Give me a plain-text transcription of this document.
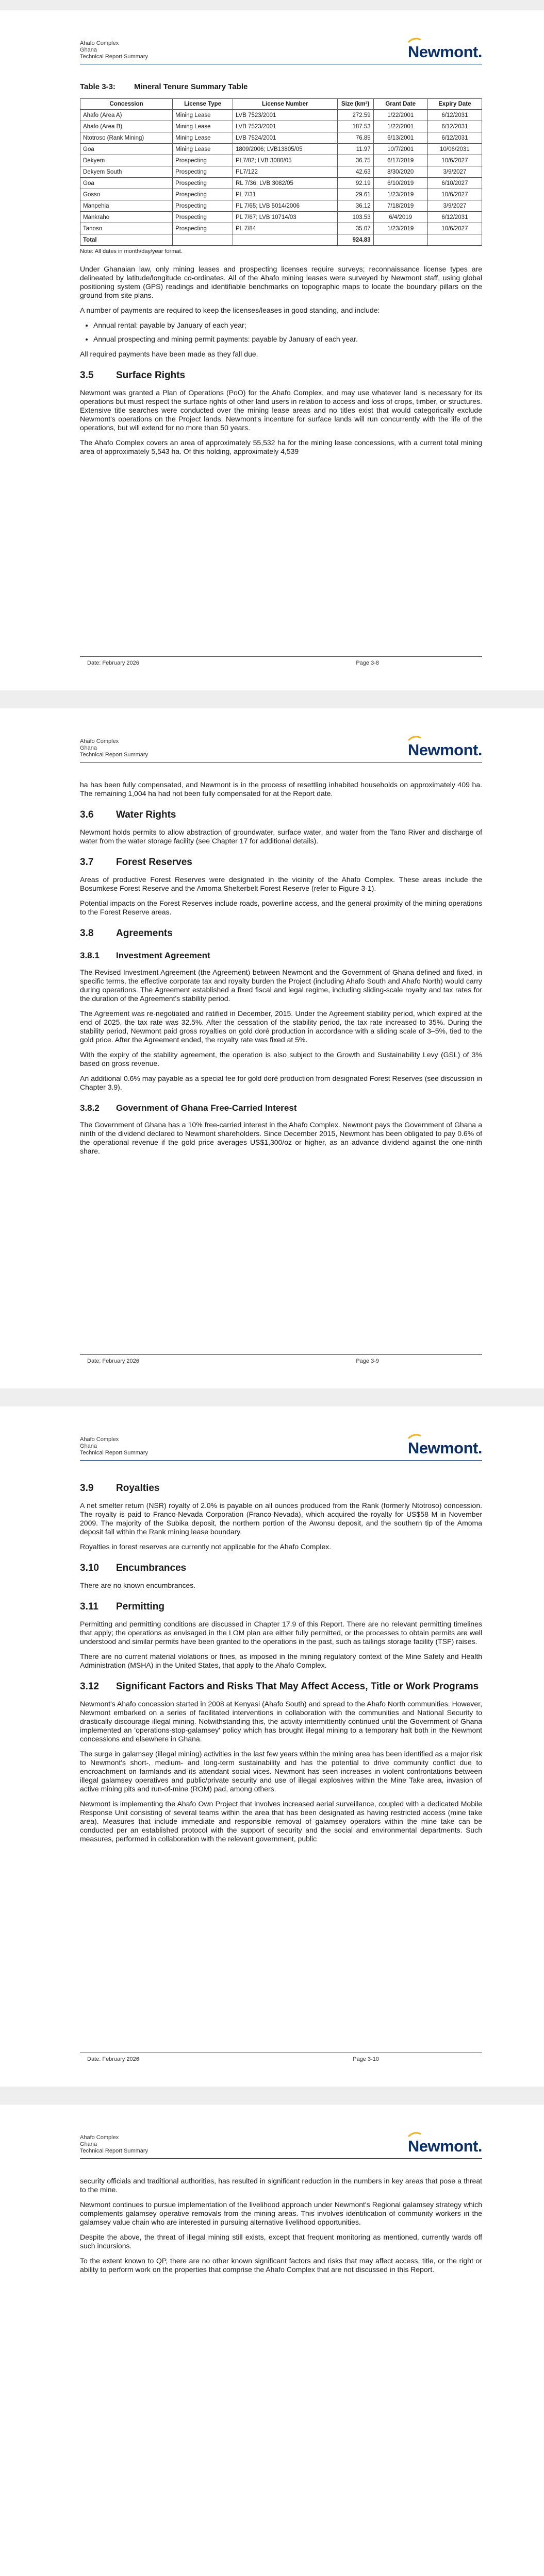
Ahafo Complex
Ghana
Technical Report Summary	Newmont.
Table 3-3:	Mineral Tenure Summary Table
Concession	License Type	License Number	Size (km²)	Grant Date	Expiry Date
Ahafo (Area A)	Mining Lease	LVB 7523/2001	272.59	1/22/2001	6/12/2031
Ahafo (Area B)	Mining Lease	LVB 7523/2001	187.53	1/22/2001	6/12/2031
Ntotroso (Rank Mining)	Mining Lease	LVB 7524/2001	76.85	6/13/2001	6/12/2031
Goa	Mining Lease	1809/2006; LVB13805/05	11.97	10/7/2001	10/06/2031
Dekyem	Prospecting	PL7/82; LVB 3080/05	36.75	6/17/2019	10/6/2027
Dekyem South	Prospecting	PL7/122	42.63	8/30/2020	3/9/2027
Goa	Prospecting	RL 7/36; LVB 3082/05	92.19	6/10/2019	6/10/2027
Gosso	Prospecting	PL 7/31	29.61	1/23/2019	10/6/2027
Manpehia	Prospecting	PL 7/65; LVB 5014/2006	36.12	7/18/2019	3/9/2027
Mankraho	Prospecting	PL 7/67; LVB 10714/03	103.53	6/4/2019	6/12/2031
Tanoso	Prospecting	PL 7/84	35.07	1/23/2019	10/6/2027
Total			924.83		
Note: All dates in month/day/year format.

Under Ghanaian law, only mining leases and prospecting licenses require surveys; reconnaissance license types are delineated by latitude/longitude co-ordinates. All of the Ahafo mining leases were surveyed by Newmont staff, using global positioning system (GPS) readings and identifiable benchmarks on topographic maps to locate the boundary pillars on the ground from site plans.

A number of payments are required to keep the licenses/leases in good standing, and include:

• Annual rental: payable by January of each year;
• Annual prospecting and mining permit payments: payable by January of each year.

All required payments have been made as they fall due.

3.5	Surface Rights

Newmont was granted a Plan of Operations (PoO) for the Ahafo Complex, and may use whatever land is necessary for its operations but must respect the surface rights of other land users in relation to access and loss of crops, timber, or structures. Extensive title searches were conducted over the mining lease areas and no titles exist that would categorically exclude Newmont's operations on the Project lands. Newmont's incenture for surface lands will run concurrently with the life of the operations, but will extend for no more than 50 years.

The Ahafo Complex covers an area of approximately 55,532 ha for the mining lease concessions, with a current total mining area of approximately 5,543 ha. Of this holding, approximately 4,539

Date: February 2026	Page 3-8
Ahafo Complex
Ghana
Technical Report Summary	Newmont.

ha has been fully compensated, and Newmont is in the process of resettling inhabited households on approximately 409 ha. The remaining 1,004 ha had not been fully compensated for at the Report date.

3.6	Water Rights

Newmont holds permits to allow abstraction of groundwater, surface water, and water from the Tano River and discharge of water from the water storage facility (see Chapter 17 for additional details).

3.7	Forest Reserves

Areas of productive Forest Reserves were designated in the vicinity of the Ahafo Complex. These areas include the Bosumkese Forest Reserve and the Amoma Shelterbelt Forest Reserve (refer to Figure 3-1).

Potential impacts on the Forest Reserves include roads, powerline access, and the general proximity of the mining operations to the Forest Reserve areas.

3.8	Agreements
3.8.1	Investment Agreement

The Revised Investment Agreement (the Agreement) between Newmont and the Government of Ghana defined and fixed, in specific terms, the effective corporate tax and royalty burden the Project (including Ahafo South and Ahafo North) would carry during operations. The Agreement established a fixed fiscal and legal regime, including sliding-scale royalty and tax rates for the duration of the Agreement's stability period.

The Agreement was re-negotiated and ratified in December, 2015. Under the Agreement stability period, which expired at the end of 2025, the tax rate was 32.5%. After the cessation of the stability period, the tax rate increased to 35%. During the stability period, Newmont paid gross royalties on gold doré production in accordance with a sliding scale of 3–5%, tied to the gold price. After the Agreement ended, the royalty rate was fixed at 5%.

With the expiry of the stability agreement, the operation is also subject to the Growth and Sustainability Levy (GSL) of 3% based on gross revenue.

An additional 0.6% may payable as a special fee for gold doré production from designated Forest Reserves (see discussion in Chapter 3.9).

3.8.2	Government of Ghana Free-Carried Interest

The Government of Ghana has a 10% free-carried interest in the Ahafo Complex. Newmont pays the Government of Ghana a ninth of the dividend declared to Newmont shareholders. Since December 2015, Newmont has been obligated to pay 0.6% of the operational revenue if the gold price averages US$1,300/oz or higher, as an advance dividend against the one-ninth share.

Date: February 2026	Page 3-9
Ahafo Complex
Ghana
Technical Report Summary	Newmont.
3.9	Royalties

A net smelter return (NSR) royalty of 2.0% is payable on all ounces produced from the Rank (formerly Ntotroso) concession. The royalty is paid to Franco-Nevada Corporation (Franco-Nevada), which acquired the royalty for US$58 M in November 2009. The majority of the Subika deposit, the northern portion of the Awonsu deposit, and the southern tip of the Amoma deposit fall within the Rank mining lease boundary.

Royalties in forest reserves are currently not applicable for the Ahafo Complex.

3.10	Encumbrances

There are no known encumbrances.

3.11	Permitting

Permitting and permitting conditions are discussed in Chapter 17.9 of this Report. There are no relevant permitting timelines that apply; the operations as envisaged in the LOM plan are either fully permitted, or the processes to obtain permits are well understood and similar permits have been granted to the operations in the past, such as tailings storage facility (TSF) raises.

There are no current material violations or fines, as imposed in the mining regulatory context of the Mine Safety and Health Administration (MSHA) in the United States, that apply to the Ahafo Complex.

3.12	Significant Factors and Risks That May Affect Access, Title or Work Programs

Newmont's Ahafo concession started in 2008 at Kenyasi (Ahafo South) and spread to the Ahafo North communities. However, Newmont embarked on a series of facilitated interventions in collaboration with the communities and National Security to drastically discourage illegal mining. Notwithstanding this, the activity intermittently continued until the Government of Ghana implemented an 'operations-stop-galamsey' policy which has brought illegal mining to a temporary halt both in the Newmont concessions and elsewhere in Ghana.

The surge in galamsey (illegal mining) activities in the last few years within the mining area has been identified as a major risk to Newmont's short-, medium- and long-term sustainability and has the potential to drive community conflict due to encroachment on farmlands and its attendant social vices. Newmont has seen increases in violent confrontations between illegal galamsey operatives and public/private security and use of illegal explosives within the Mine Take area, invasion of active mining pits and run-of-mine (ROM) pad, among others.

Newmont is implementing the Ahafo Own Project that involves increased aerial surveillance, coupled with a dedicated Mobile Response Unit consisting of several teams within the area that has been designated as having restricted access (mine take area). Measures that include immediate and responsible removal of galamsey operators within the mine take can be conducted per an established protocol with the support of security and the social and environmental departments. Such measures, performed in collaboration with the relevant government, public

Date: February 2026	Page 3-10
Ahafo Complex
Ghana
Technical Report Summary	Newmont.

security officials and traditional authorities, has resulted in significant reduction in the numbers in key areas that pose a threat to the mine.

Newmont continues to pursue implementation of the livelihood approach under Newmont's Regional galamsey strategy which complements galamsey operative removals from the mining areas. This involves identification of community workers in the galamsey value chain who are interested in pursuing alternative livelihood opportunities.

Despite the above, the threat of illegal mining still exists, except that frequent monitoring as mentioned, currently wards off such incursions.

To the extent known to QP, there are no other known significant factors and risks that may affect access, title, or the right or ability to perform work on the properties that comprise the Ahafo Complex that are not discussed in this Report.
